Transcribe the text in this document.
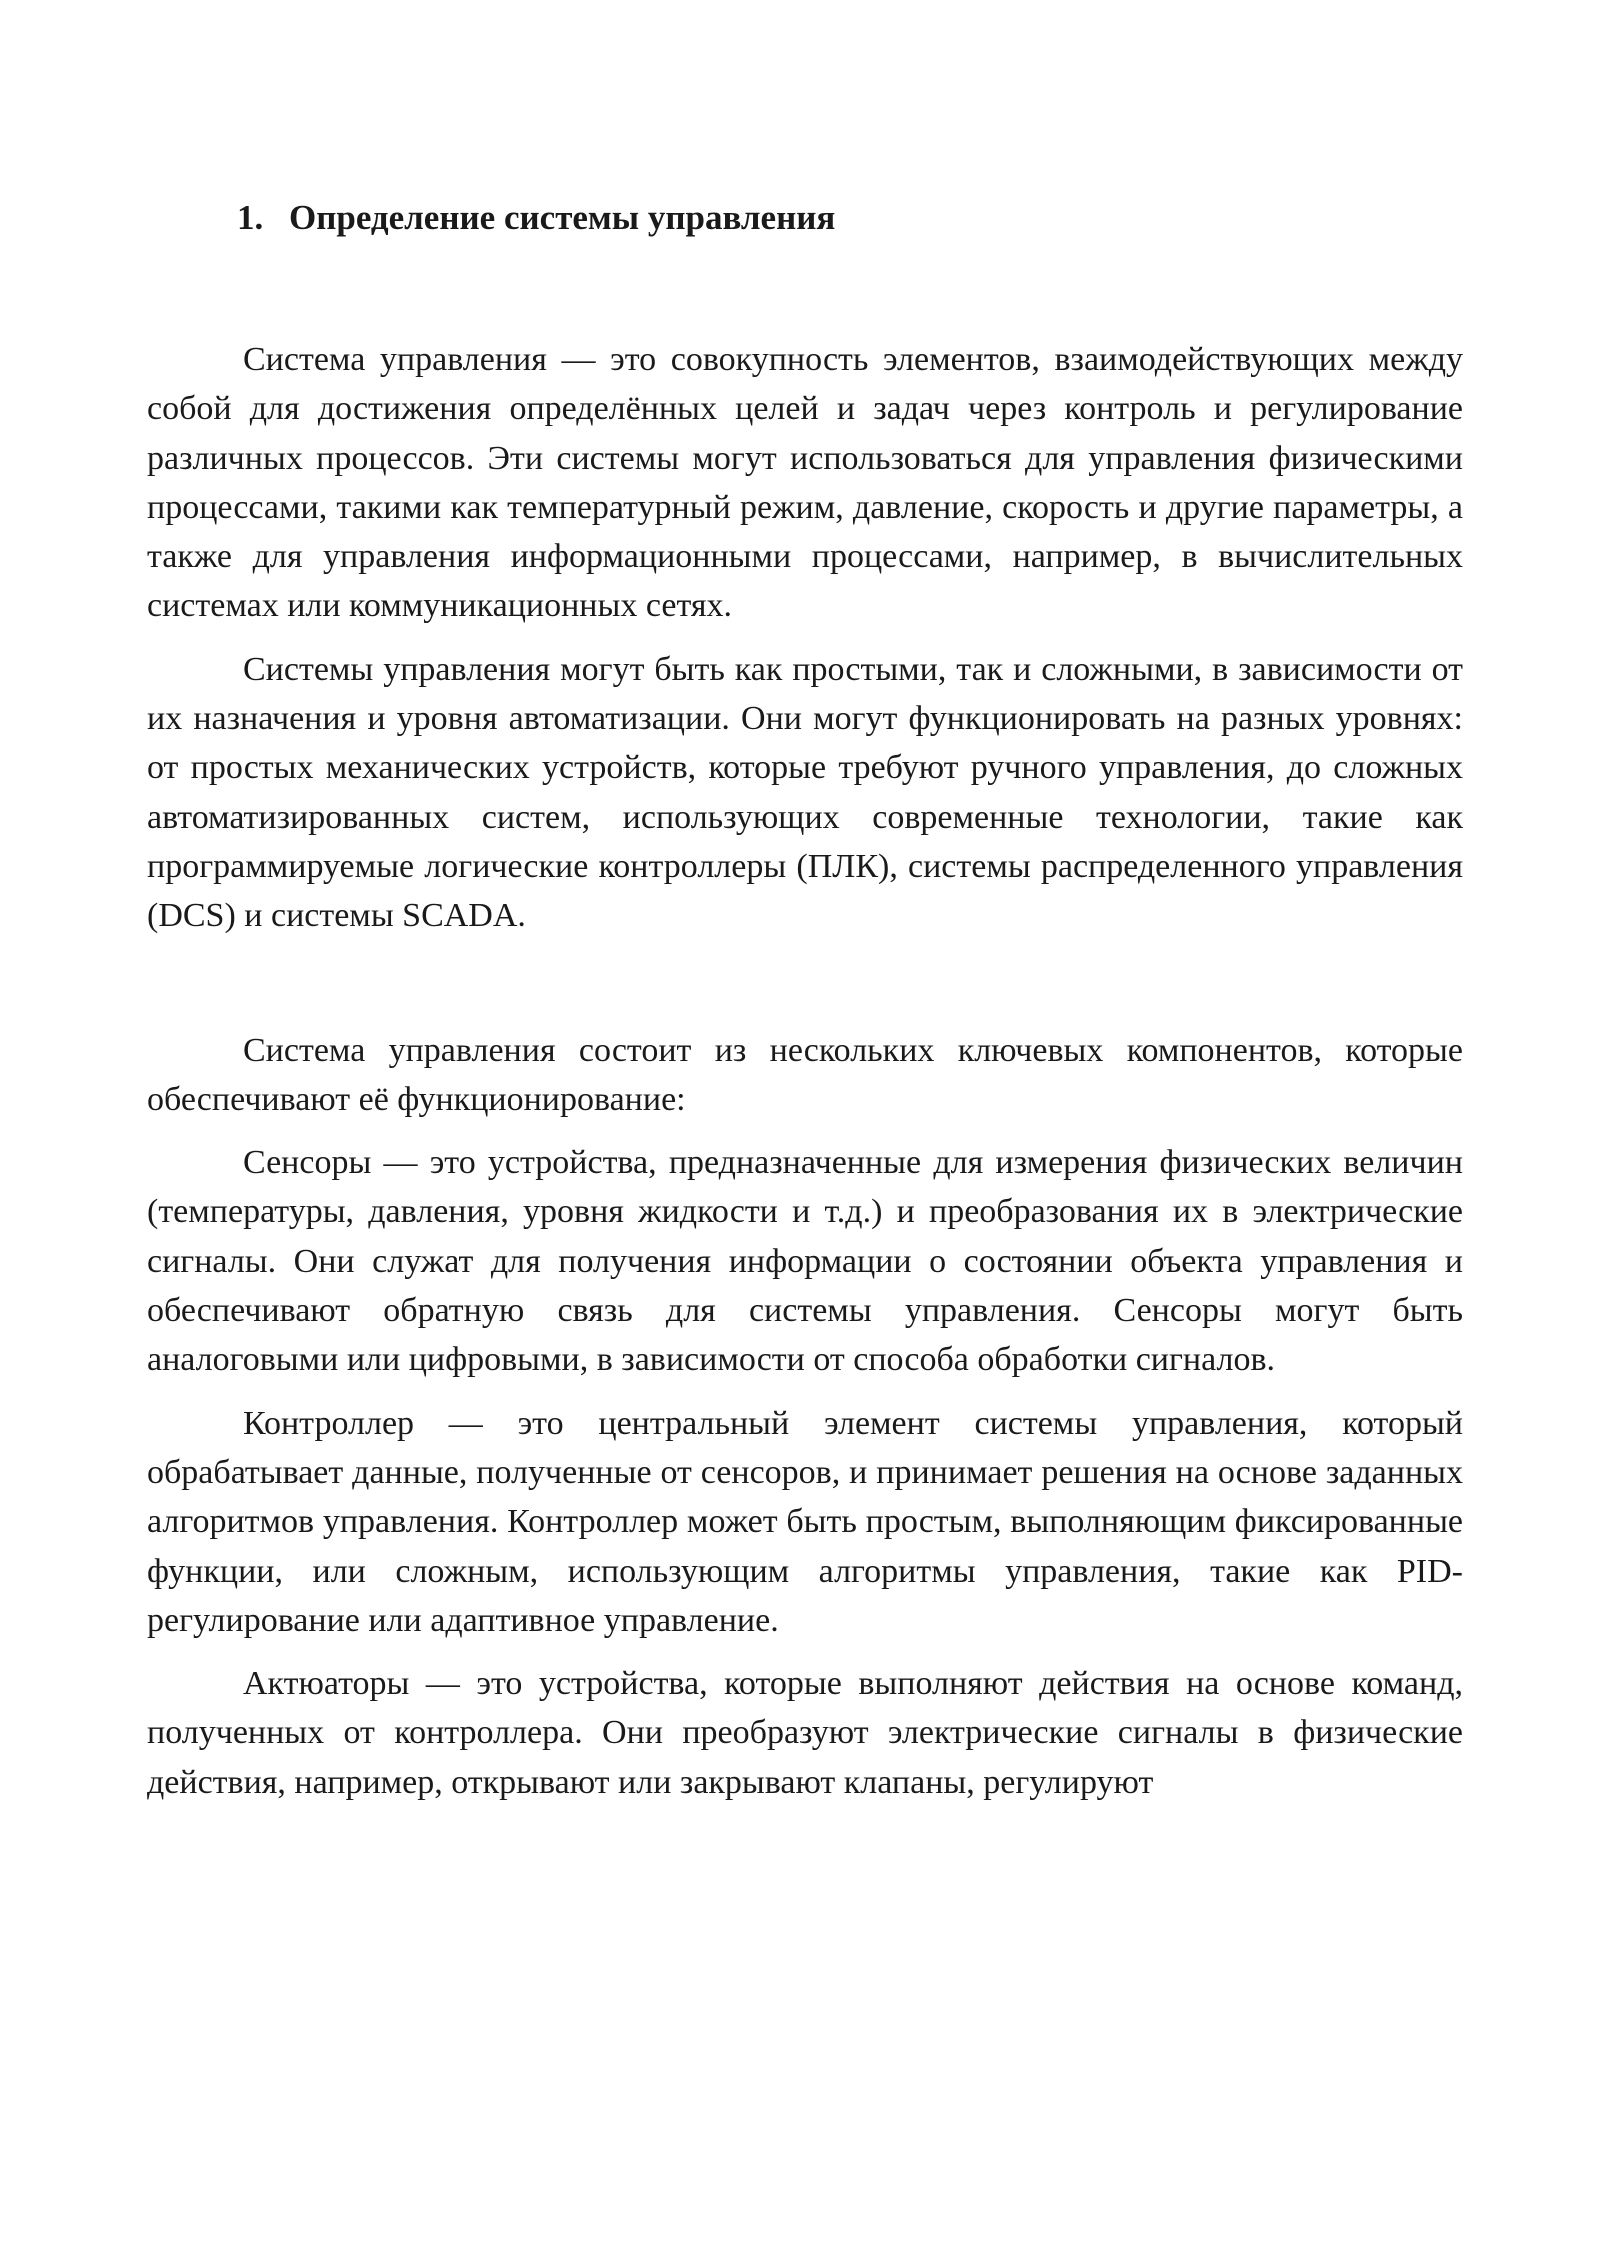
1. Определение системы управления

Система управления — это совокупность элементов, взаимодействующих между собой для достижения определённых целей и задач через контроль и регулирование различных процессов. Эти системы могут использоваться для управления физическими процессами, такими как температурный режим, давление, скорость и другие параметры, а также для управления информационными процессами, например, в вычислительных системах или коммуникационных сетях.

Системы управления могут быть как простыми, так и сложными, в зависимости от их назначения и уровня автоматизации. Они могут функционировать на разных уровнях: от простых механических устройств, которые требуют ручного управления, до сложных автоматизированных систем, использующих современные технологии, такие как программируемые логические контроллеры (ПЛК), системы распределенного управления (DCS) и системы SCADA.

Система управления состоит из нескольких ключевых компонентов, которые обеспечивают её функционирование:

Сенсоры — это устройства, предназначенные для измерения физических величин (температуры, давления, уровня жидкости и т.д.) и преобразования их в электрические сигналы. Они служат для получения информации о состоянии объекта управления и обеспечивают обратную связь для системы управления. Сенсоры могут быть аналоговыми или цифровыми, в зависимости от способа обработки сигналов.

Контроллер — это центральный элемент системы управления, который обрабатывает данные, полученные от сенсоров, и принимает решения на основе заданных алгоритмов управления. Контроллер может быть простым, выполняющим фиксированные функции, или сложным, использующим алгоритмы управления, такие как PID-регулирование или адаптивное управление.

Актюаторы — это устройства, которые выполняют действия на основе команд, полученных от контроллера. Они преобразуют электрические сигналы в физические действия, например, открывают или закрывают клапаны, регулируют
